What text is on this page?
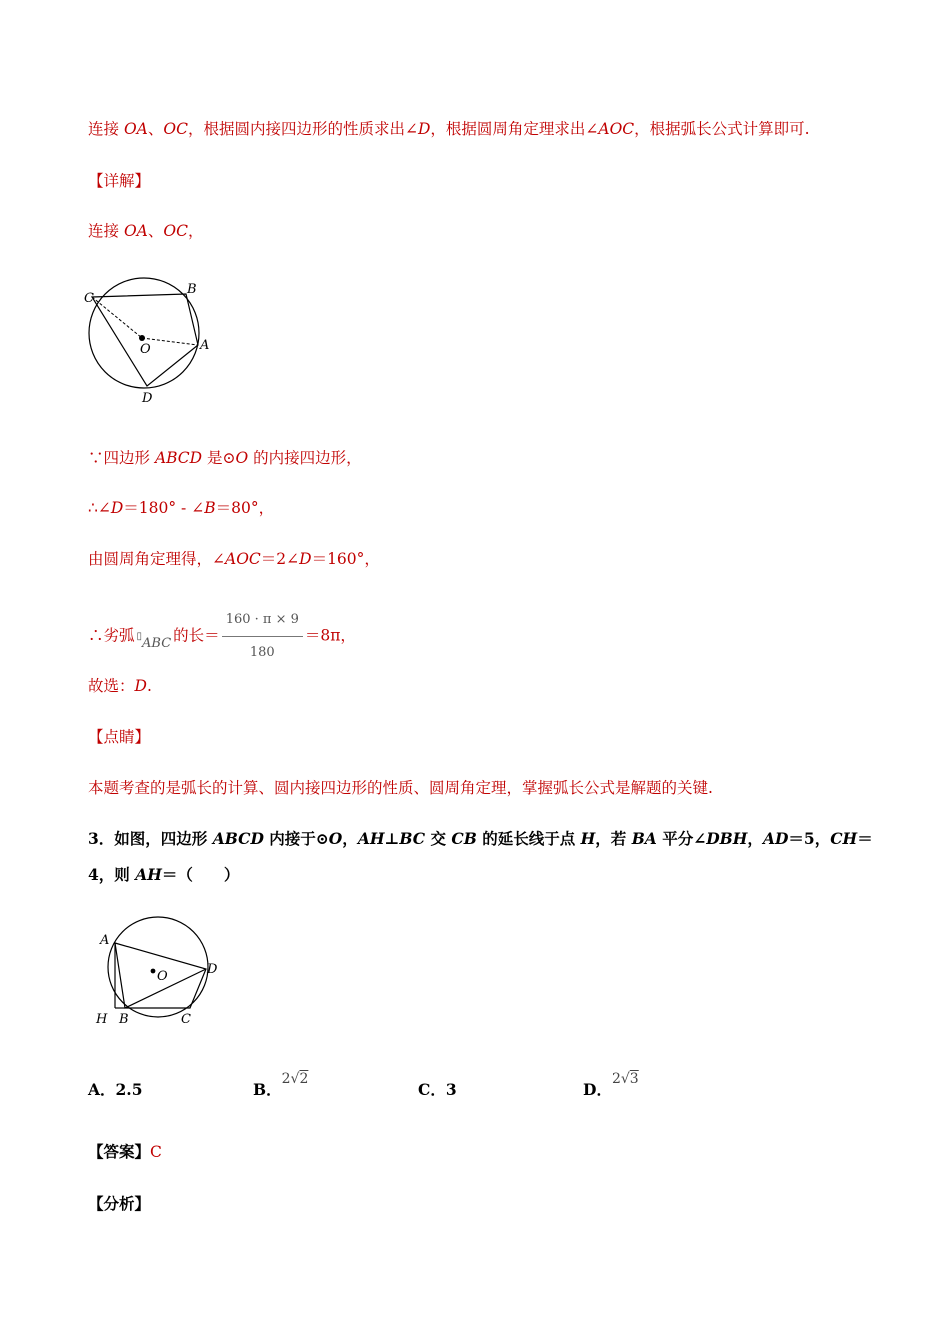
连接 OA、OC，根据圆内接四边形的性质求出∠D，根据圆周角定理求出∠AOC，根据弧长公式计算即可.
【详解】
连接 OA、OC，
C
B
O	A
D
∵四边形 ABCD 是⊙O 的内接四边形，
∴∠D＝180° - ∠B＝80°，
由圆周角定理得，∠AOC＝2∠D＝160°，
∴劣弧 ▯ABC 的长＝ $\frac{160 \cdot \pi \times 9}{180} =8\pi$，
故选：D.
【点睛】
本题考查的是弧长的计算、圆内接四边形的性质、圆周角定理，掌握弧长公式是解题的关键.
3．如图，四边形 ABCD 内接于⊙O，AH⊥BC 交 CB 的延长线于点 H，若 BA 平分∠DBH，AD＝5，CH＝
4，则 AH＝（　　）
A
O	D
H B	C
A．2.5	B．2√2
C．3	D．2√3
【答案】C
【分析】
